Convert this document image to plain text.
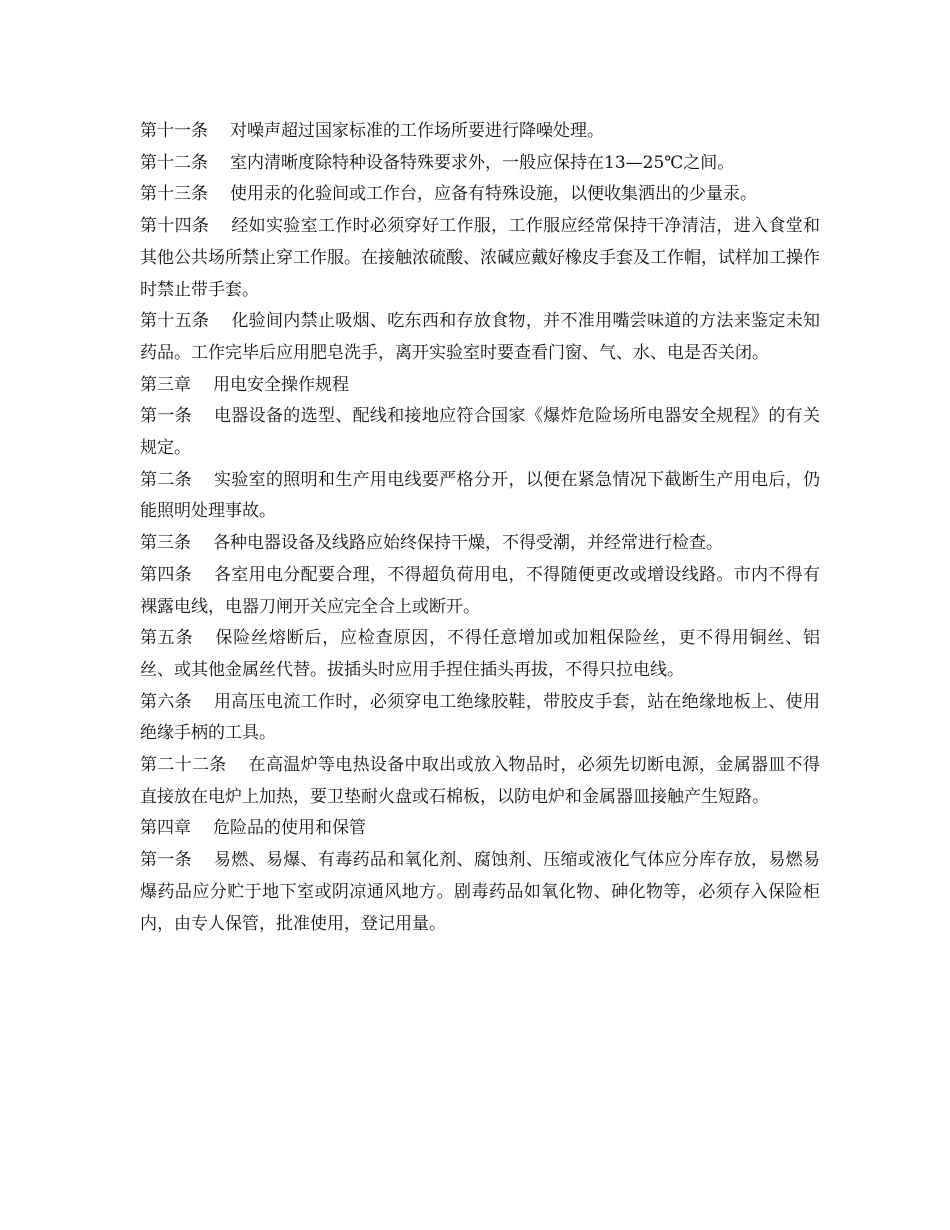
第十一条 对噪声超过国家标准的工作场所要进行降噪处理。

第十二条 室内清晰度除特种设备特殊要求外，一般应保持在13—25℃之间。

第十三条 使用汞的化验间或工作台，应备有特殊设施，以便收集洒出的少量汞。

第十四条 经如实验室工作时必须穿好工作服，工作服应经常保持干净清洁，进入食堂和其他公共场所禁止穿工作服。在接触浓硫酸、浓碱应戴好橡皮手套及工作帽，试样加工操作时禁止带手套。

第十五条 化验间内禁止吸烟、吃东西和存放食物，并不准用嘴尝味道的方法来鉴定未知药品。工作完毕后应用肥皂洗手，离开实验室时要查看门窗、气、水、电是否关闭。

第三章 用电安全操作规程

第一条 电器设备的选型、配线和接地应符合国家《爆炸危险场所电器安全规程》的有关规定。

第二条 实验室的照明和生产用电线要严格分开，以便在紧急情况下截断生产用电后，仍能照明处理事故。

第三条 各种电器设备及线路应始终保持干燥，不得受潮，并经常进行检查。

第四条 各室用电分配要合理，不得超负荷用电，不得随便更改或增设线路。市内不得有裸露电线，电器刀闸开关应完全合上或断开。

第五条 保险丝熔断后，应检查原因，不得任意增加或加粗保险丝，更不得用铜丝、铝丝、或其他金属丝代替。拔插头时应用手捏住插头再拔，不得只拉电线。

第六条 用高压电流工作时，必须穿电工绝缘胶鞋，带胶皮手套，站在绝缘地板上、使用绝缘手柄的工具。

第二十二条 在高温炉等电热设备中取出或放入物品时，必须先切断电源，金属器皿不得直接放在电炉上加热，要卫垫耐火盘或石棉板，以防电炉和金属器皿接触产生短路。

第四章 危险品的使用和保管

第一条 易燃、易爆、有毒药品和氧化剂、腐蚀剂、压缩或液化气体应分库存放，易燃易爆药品应分贮于地下室或阴凉通风地方。剧毒药品如氧化物、砷化物等，必须存入保险柜内，由专人保管，批准使用，登记用量。
